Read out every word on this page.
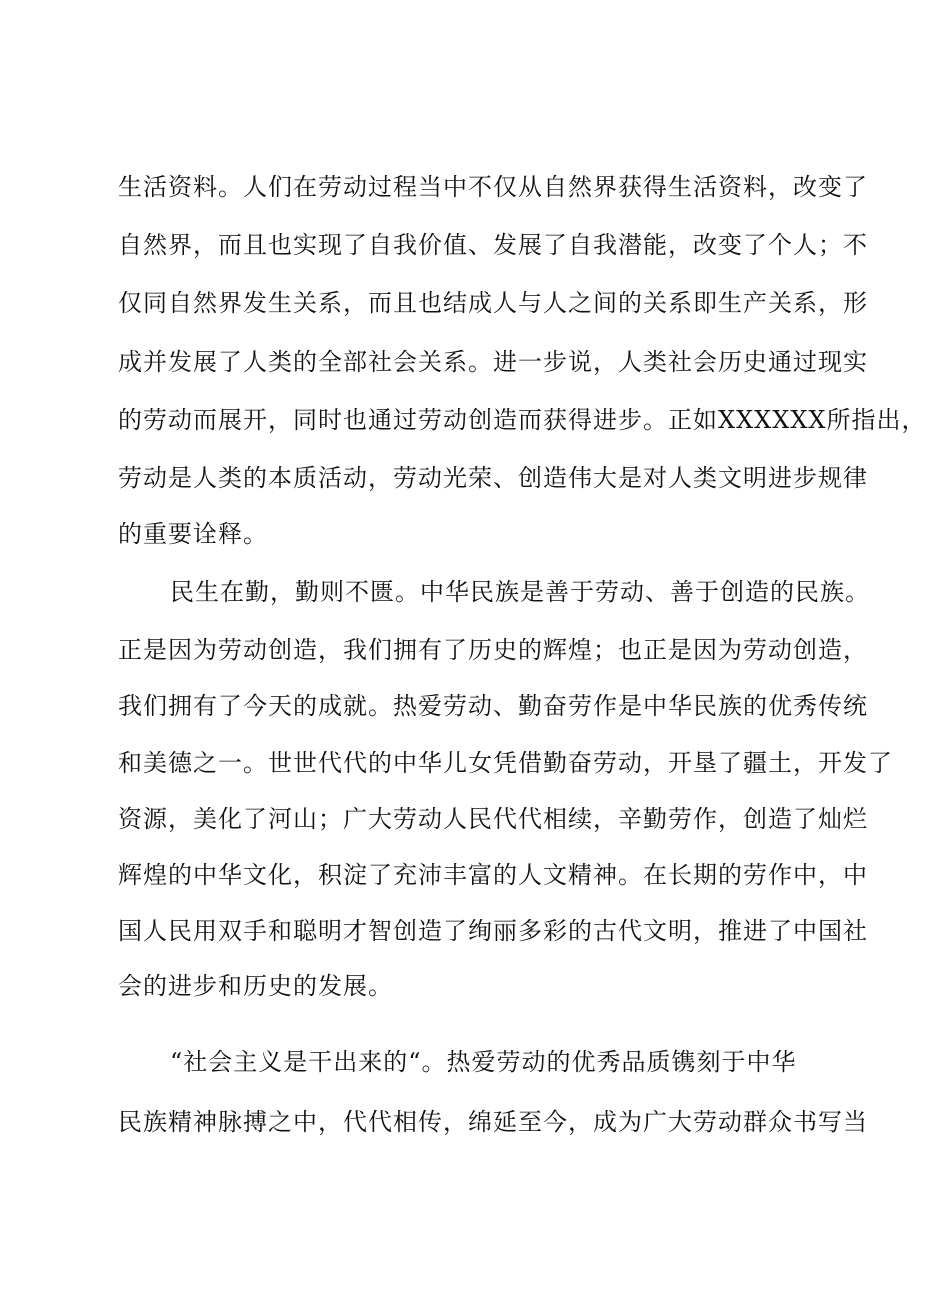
生活资料。人们在劳动过程当中不仅从自然界获得生活资料，改变了
自然界，而且也实现了自我价值、发展了自我潜能，改变了个人；不
仅同自然界发生关系，而且也结成人与人之间的关系即生产关系，形
成并发展了人类的全部社会关系。进一步说，人类社会历史通过现实
的劳动而展开，同时也通过劳动创造而获得进步。正如XXXXXX所指出，
劳动是人类的本质活动，劳动光荣、创造伟大是对人类文明进步规律
的重要诠释。
民生在勤，勤则不匮。中华民族是善于劳动、善于创造的民族。
正是因为劳动创造，我们拥有了历史的辉煌；也正是因为劳动创造，
我们拥有了今天的成就。热爱劳动、勤奋劳作是中华民族的优秀传统
和美德之一。世世代代的中华儿女凭借勤奋劳动，开垦了疆土，开发了
资源，美化了河山；广大劳动人民代代相续，辛勤劳作，创造了灿烂
辉煌的中华文化，积淀了充沛丰富的人文精神。在长期的劳作中，中
国人民用双手和聪明才智创造了绚丽多彩的古代文明，推进了中国社
会的进步和历史的发展。
“社会主义是干出来的“。热爱劳动的优秀品质镌刻于中华
民族精神脉搏之中，代代相传，绵延至今，成为广大劳动群众书写当
